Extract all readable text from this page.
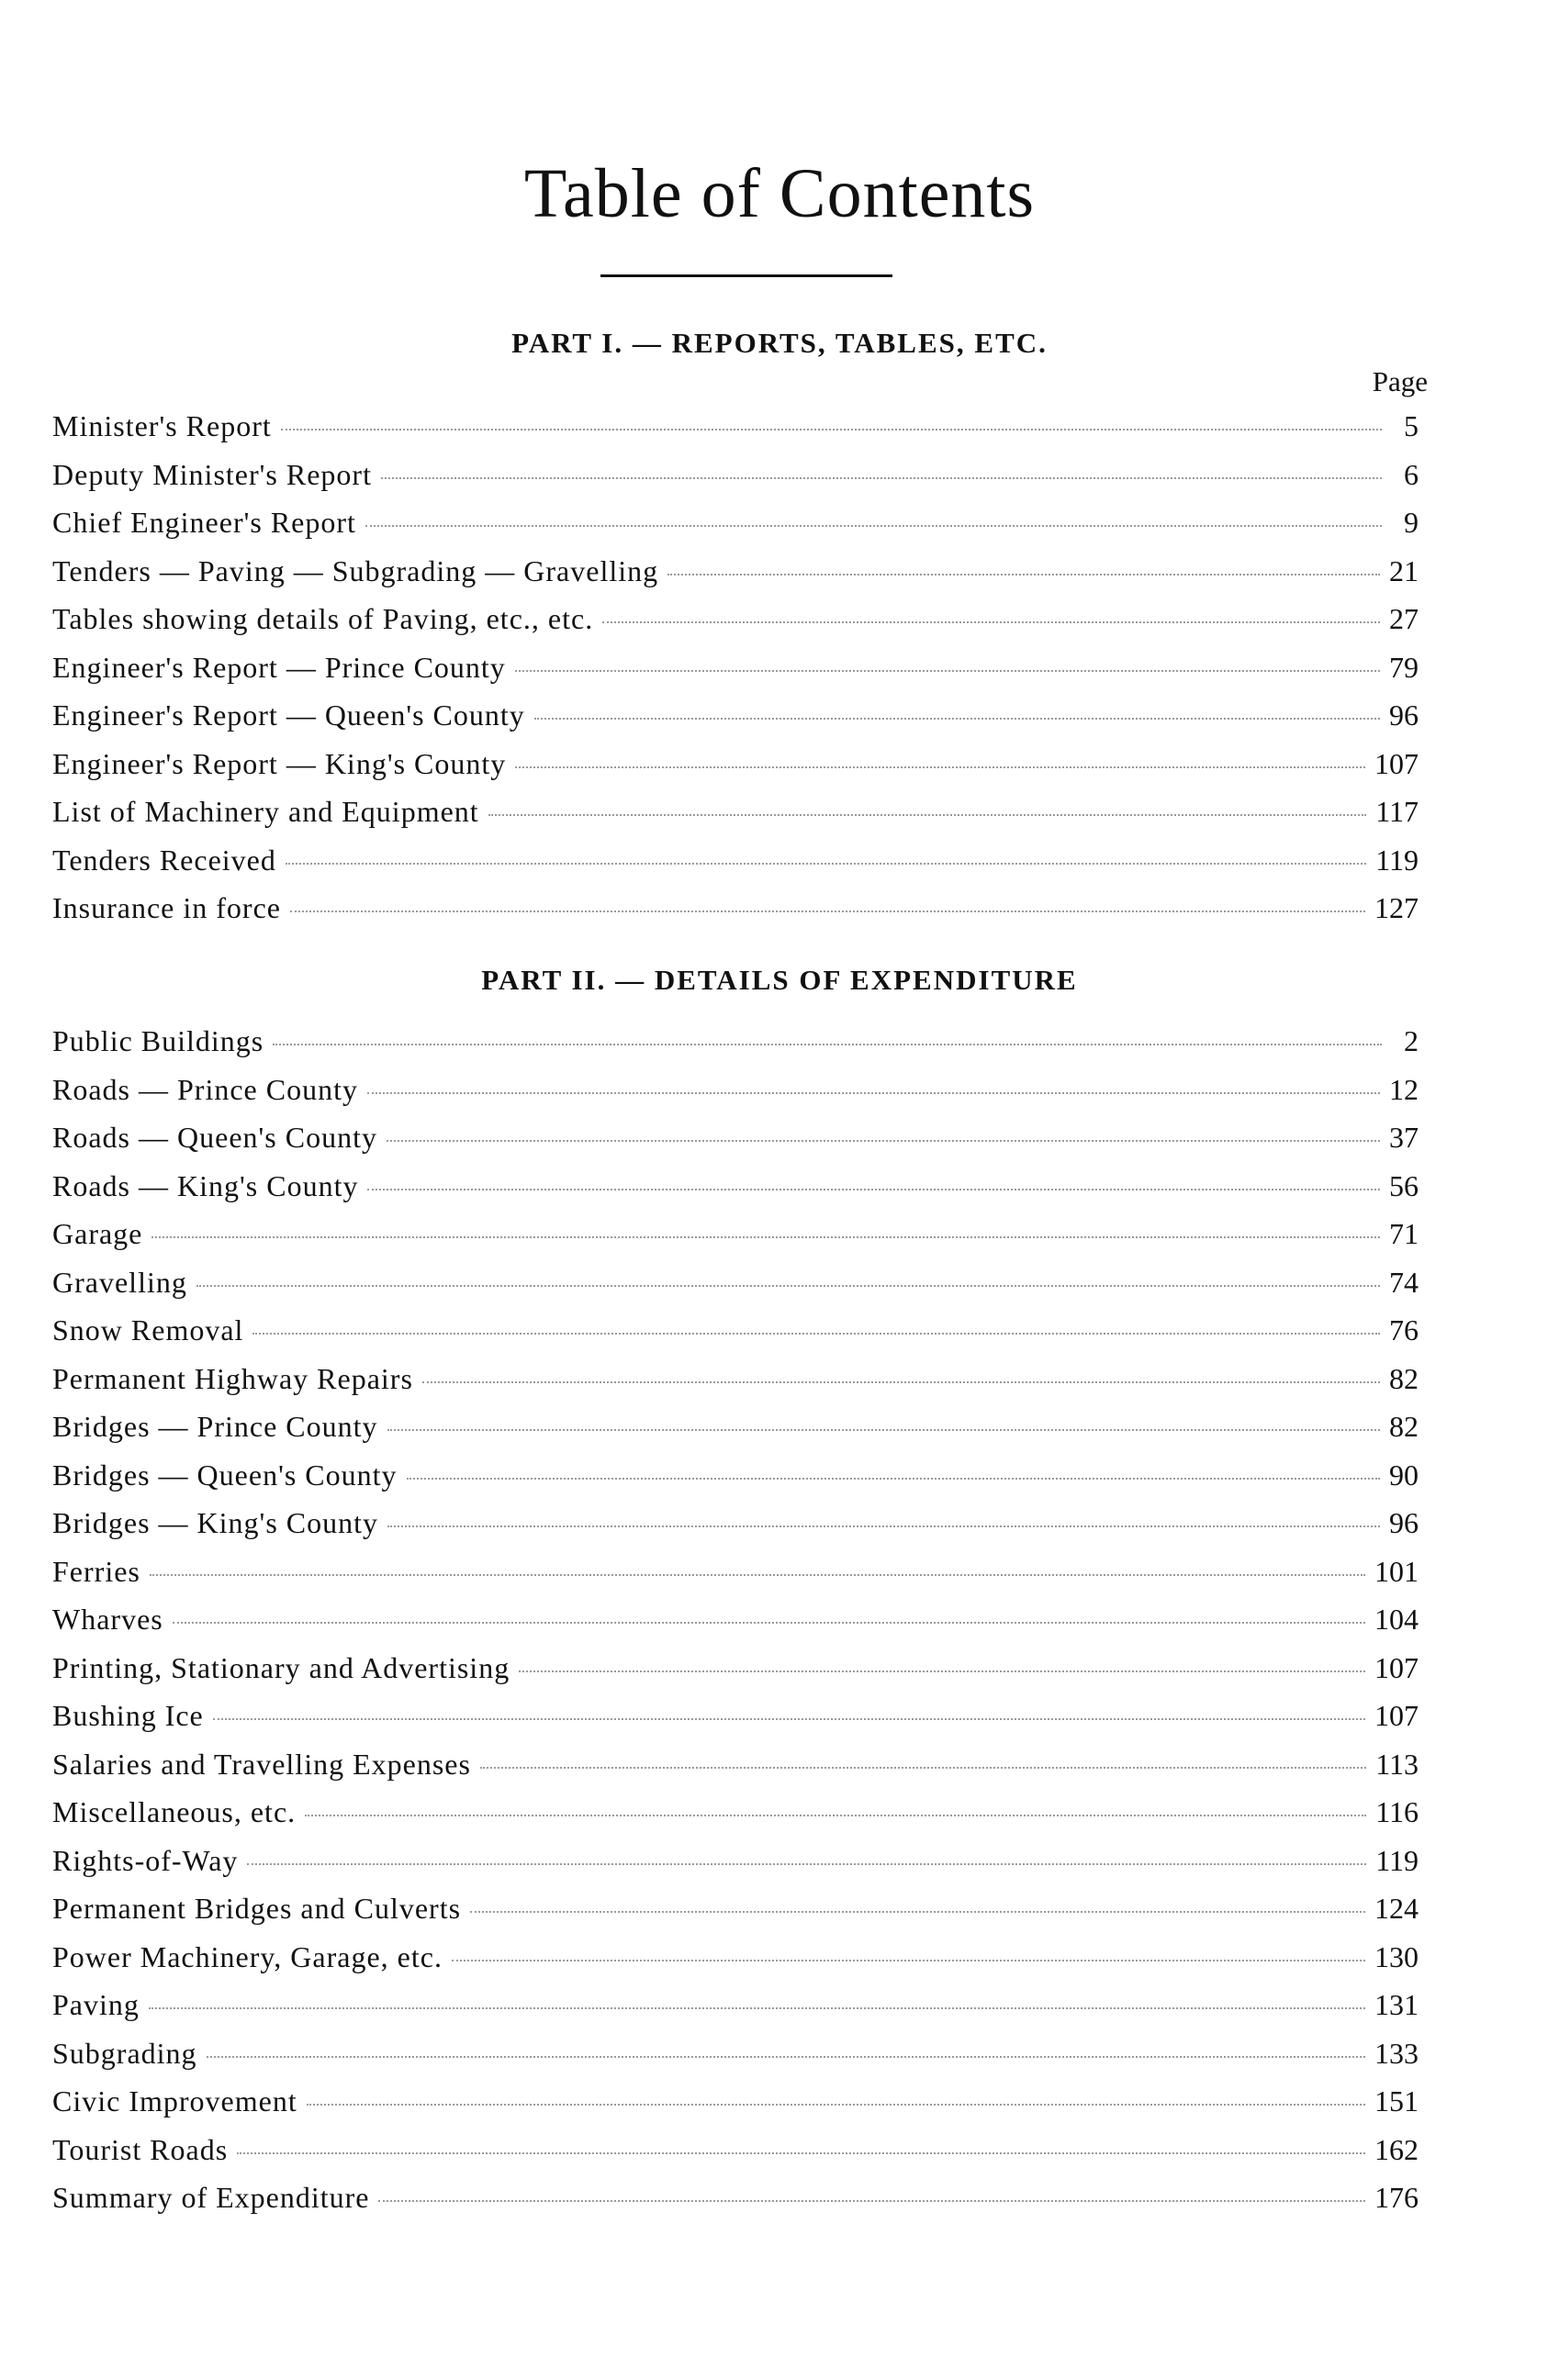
Table of Contents
PART I. — REPORTS, TABLES, ETC.
Page
Minister's Report	5
Deputy Minister's Report	6
Chief Engineer's Report	9
Tenders — Paving — Subgrading — Gravelling	21
Tables showing details of Paving, etc., etc.	27
Engineer's Report — Prince County	79
Engineer's Report — Queen's County	96
Engineer's Report — King's County	107
List of Machinery and Equipment	117
Tenders Received	119
Insurance in force	127
PART II. — DETAILS OF EXPENDITURE
Public Buildings	2
Roads — Prince County	12
Roads — Queen's County	37
Roads — King's County	56
Garage	71
Gravelling	74
Snow Removal	76
Permanent Highway Repairs	82
Bridges — Prince County	82
Bridges — Queen's County	90
Bridges — King's County	96
Ferries	101
Wharves	104
Printing, Stationary and Advertising	107
Bushing Ice	107
Salaries and Travelling Expenses	113
Miscellaneous, etc.	116
Rights-of-Way	119
Permanent Bridges and Culverts	124
Power Machinery, Garage, etc.	130
Paving	131
Subgrading	133
Civic Improvement	151
Tourist Roads	162
Summary of Expenditure	176
